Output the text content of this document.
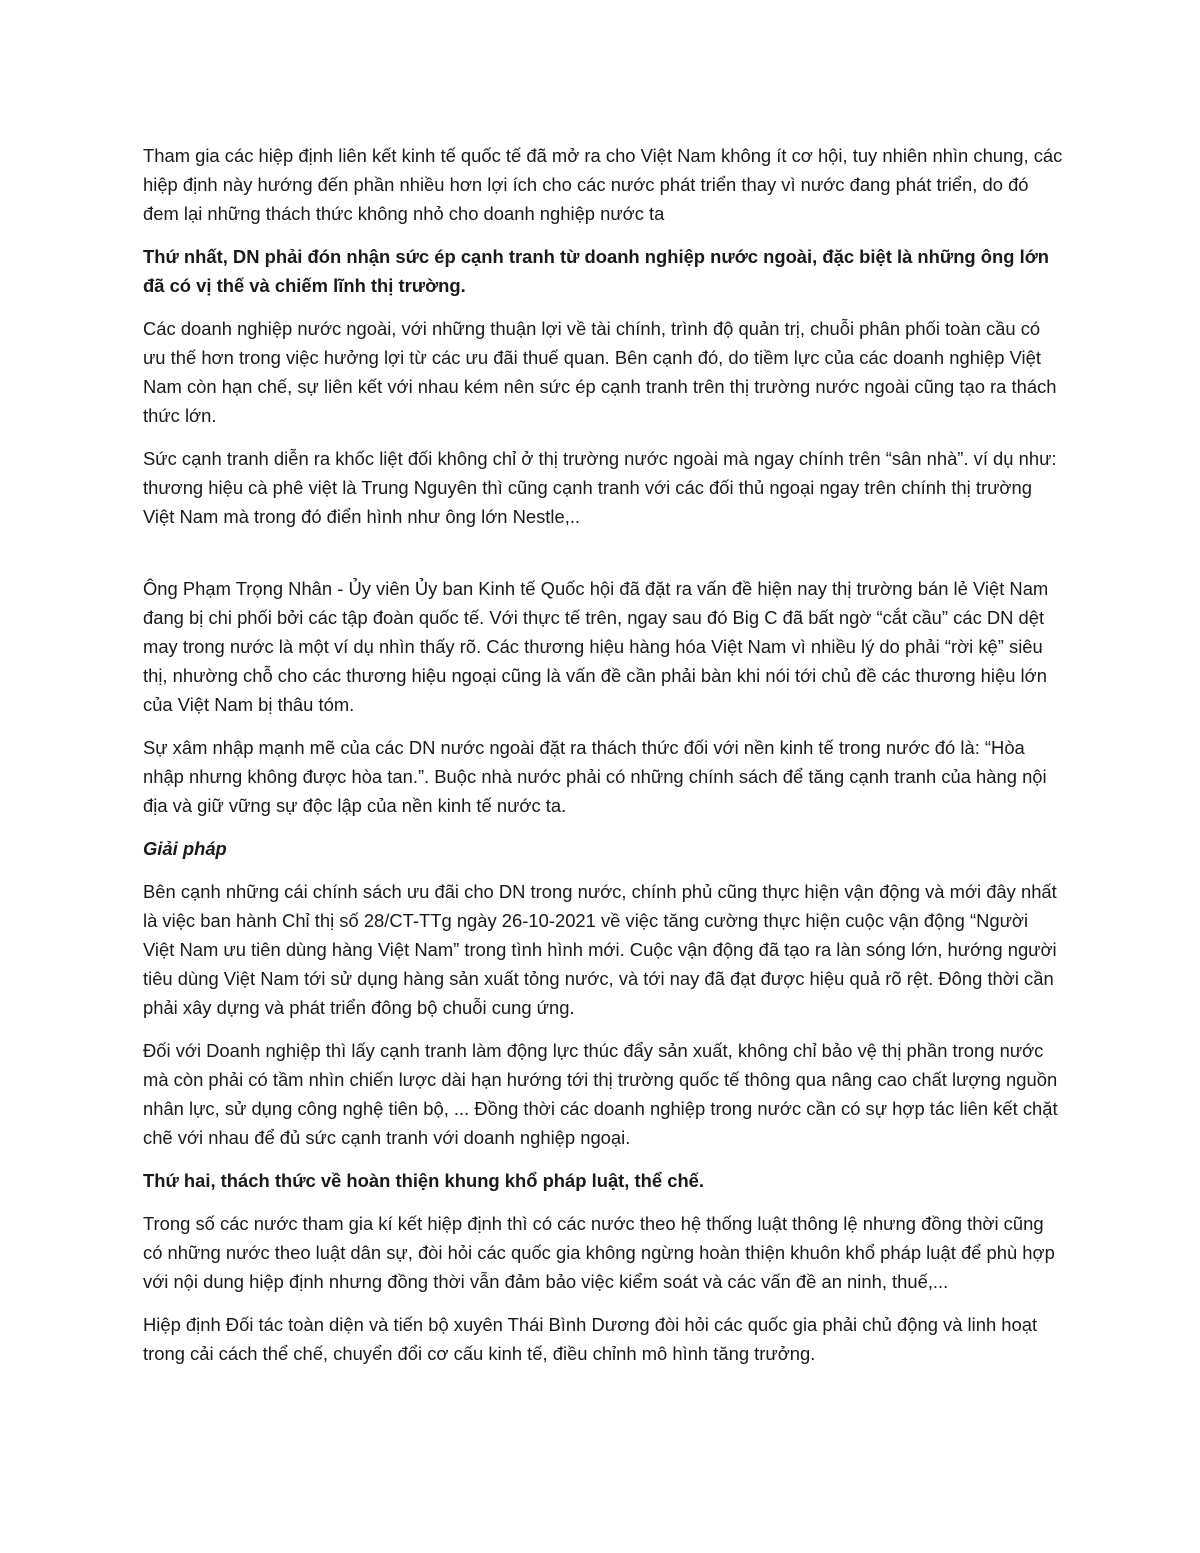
Tham gia các hiệp định liên kết kinh tế quốc tế đã mở ra cho Việt Nam không ít cơ hội, tuy nhiên nhìn chung, các hiệp định này hướng đến phần nhiều hơn lợi ích cho các nước phát triển thay vì nước đang phát triển, do đó đem lại những thách thức không nhỏ cho doanh nghiệp nước ta

Thứ nhất, DN phải đón nhận sức ép cạnh tranh từ doanh nghiệp nước ngoài, đặc biệt là những ông lớn đã có vị thế và chiếm lĩnh thị trường.

Các doanh nghiệp nước ngoài, với những thuận lợi về tài chính, trình độ quản trị, chuỗi phân phối toàn cầu có ưu thế hơn trong việc hưởng lợi từ các ưu đãi thuế quan. Bên cạnh đó, do tiềm lực của các doanh nghiệp Việt Nam còn hạn chế, sự liên kết với nhau kém nên sức ép cạnh tranh trên thị trường nước ngoài cũng tạo ra thách thức lớn.

Sức cạnh tranh diễn ra khốc liệt đối không chỉ ở thị trường nước ngoài mà ngay chính trên “sân nhà”. ví dụ như: thương hiệu cà phê việt là Trung Nguyên thì cũng cạnh tranh với các đối thủ ngoại ngay trên chính thị trường Việt Nam mà trong đó điển hình như ông lớn Nestle,..

Ông Phạm Trọng Nhân - Ủy viên Ủy ban Kinh tế Quốc hội đã đặt ra vấn đề hiện nay thị trường bán lẻ Việt Nam đang bị chi phối bởi các tập đoàn quốc tế. Với thực tế trên, ngay sau đó Big C đã bất ngờ “cắt cầu” các DN dệt may trong nước là một ví dụ nhìn thấy rõ. Các thương hiệu hàng hóa Việt Nam vì nhiều lý do phải “rời kệ” siêu thị, nhường chỗ cho các thương hiệu ngoại cũng là vấn đề cần phải bàn khi nói tới chủ đề các thương hiệu lớn của Việt Nam bị thâu tóm.

Sự xâm nhập mạnh mẽ của các DN nước ngoài đặt ra thách thức đối với nền kinh tế trong nước đó là: “Hòa nhập nhưng không được hòa tan.”. Buộc nhà nước phải có những chính sách để tăng cạnh tranh của hàng nội địa và giữ vững sự độc lập của nền kinh tế nước ta.

Giải pháp

Bên cạnh những cái chính sách ưu đãi cho DN trong nước, chính phủ cũng thực hiện vận động và mới đây nhất là việc ban hành Chỉ thị số 28/CT-TTg ngày 26-10-2021 về việc tăng cường thực hiện cuộc vận động “Người Việt Nam ưu tiên dùng hàng Việt Nam” trong tình hình mới. Cuộc vận động đã tạo ra làn sóng lớn, hướng người tiêu dùng Việt Nam tới sử dụng hàng sản xuất tỏng nước, và tới nay đã đạt được hiệu quả rõ rệt. Đông thời cần phải xây dựng và phát triển đông bộ chuỗi cung ứng.

Đối với Doanh nghiệp thì lấy cạnh tranh làm động lực thúc đẩy sản xuất, không chỉ bảo vệ thị phần trong nước mà còn phải có tầm nhìn chiến lược dài hạn hướng tới thị trường quốc tế thông qua nâng cao chất lượng nguồn nhân lực, sử dụng công nghệ tiên bộ, ... Đồng thời các doanh nghiệp trong nước cần có sự hợp tác liên kết chặt chẽ với nhau để đủ sức cạnh tranh với doanh nghiệp ngoại.

Thứ hai, thách thức về hoàn thiện khung khổ pháp luật, thể chế.

Trong số các nước tham gia kí kết hiệp định thì có các nước theo hệ thống luật thông lệ nhưng đồng thời cũng có những nước theo luật dân sự, đòi hỏi các quốc gia không ngừng hoàn thiện khuôn khổ pháp luật để phù hợp với nội dung hiệp định nhưng đồng thời vẫn đảm bảo việc kiểm soát và các vấn đề an ninh, thuế,...

Hiệp định Đối tác toàn diện và tiến bộ xuyên Thái Bình Dương đòi hỏi các quốc gia phải chủ động và linh hoạt trong cải cách thể chế, chuyển đổi cơ cấu kinh tế, điều chỉnh mô hình tăng trưởng.
